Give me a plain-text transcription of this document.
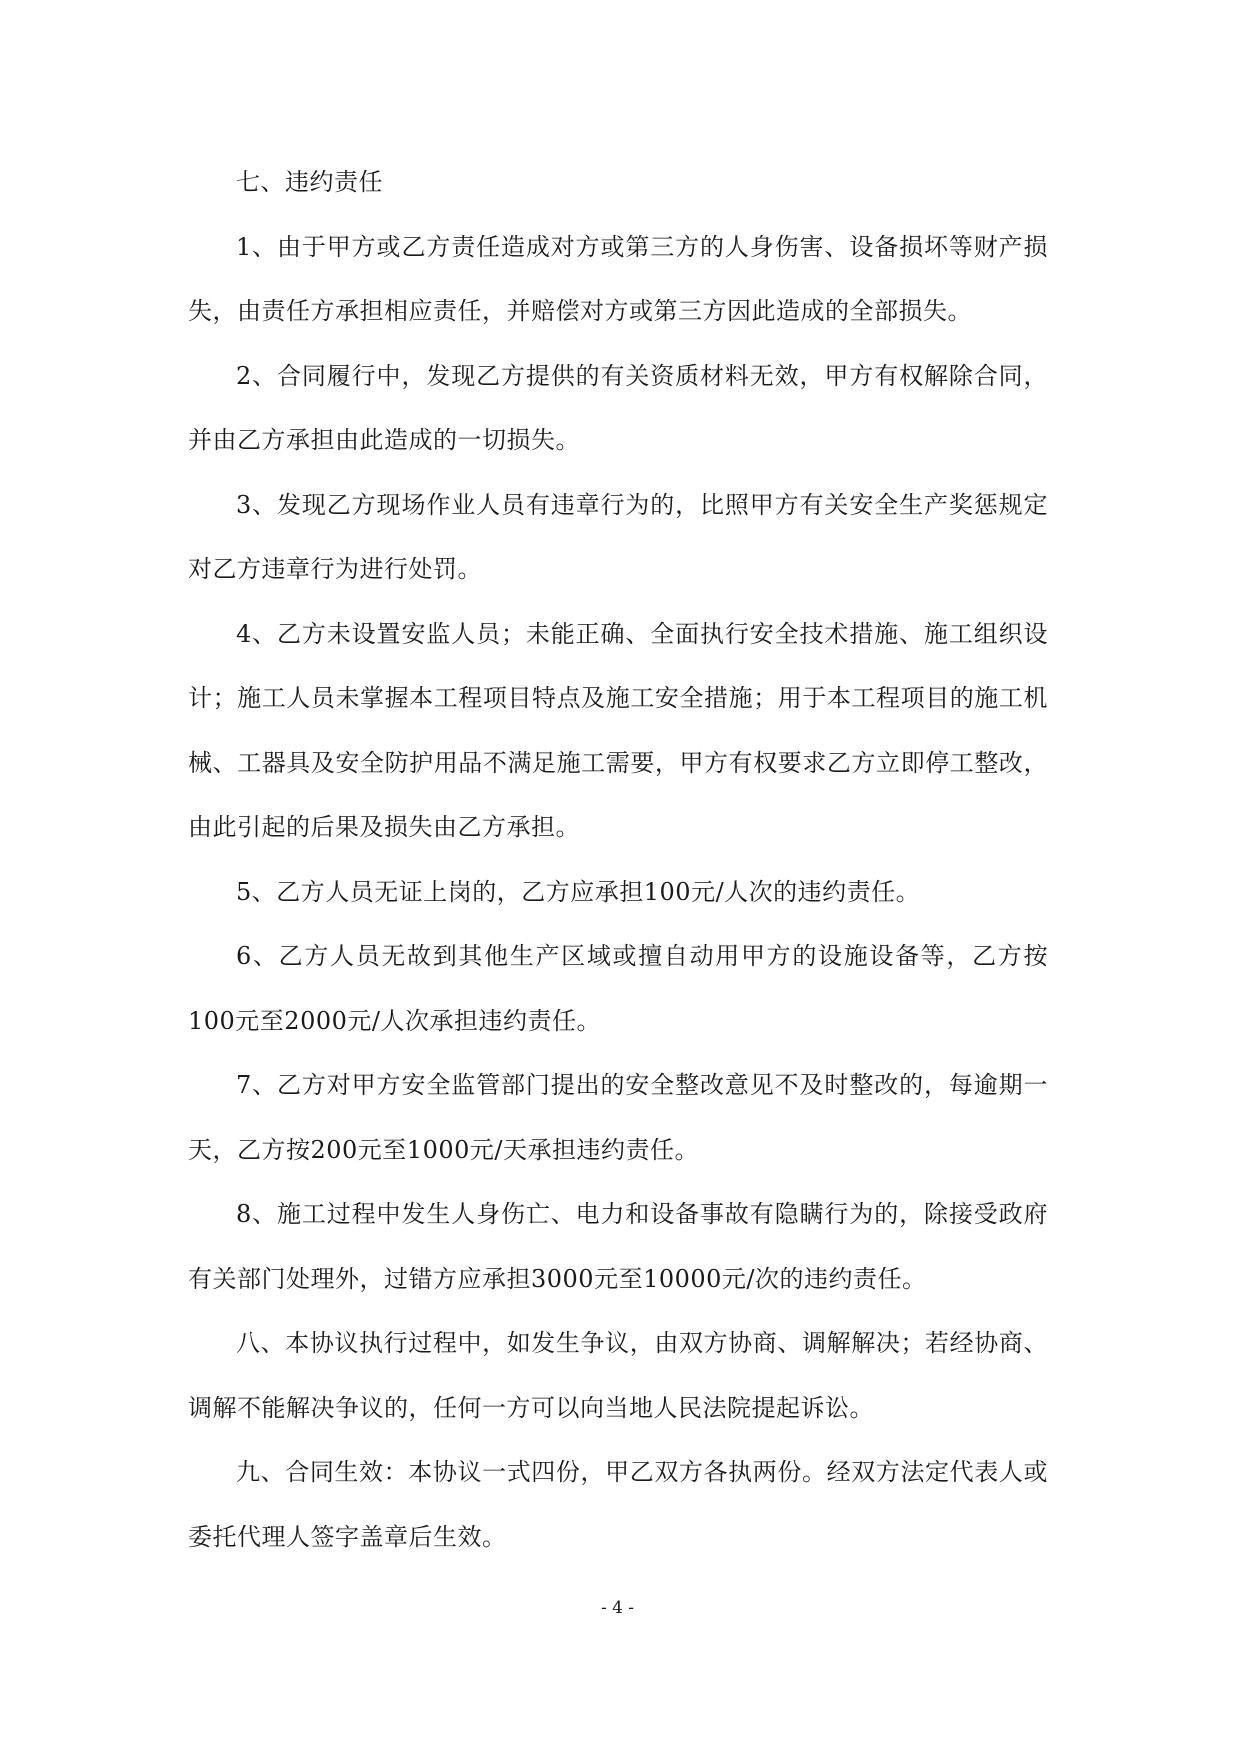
七、违约责任

1、由于甲方或乙方责任造成对方或第三方的人身伤害、设备损坏等财产损失，由责任方承担相应责任，并赔偿对方或第三方因此造成的全部损失。

2、合同履行中，发现乙方提供的有关资质材料无效，甲方有权解除合同，并由乙方承担由此造成的一切损失。

3、发现乙方现场作业人员有违章行为的，比照甲方有关安全生产奖惩规定对乙方违章行为进行处罚。

4、乙方未设置安监人员；未能正确、全面执行安全技术措施、施工组织设计；施工人员未掌握本工程项目特点及施工安全措施；用于本工程项目的施工机械、工器具及安全防护用品不满足施工需要，甲方有权要求乙方立即停工整改，由此引起的后果及损失由乙方承担。

5、乙方人员无证上岗的，乙方应承担100元/人次的违约责任。

6、乙方人员无故到其他生产区域或擅自动用甲方的设施设备等，乙方按100元至2000元/人次承担违约责任。

7、乙方对甲方安全监管部门提出的安全整改意见不及时整改的，每逾期一天，乙方按200元至1000元/天承担违约责任。

8、施工过程中发生人身伤亡、电力和设备事故有隐瞒行为的，除接受政府有关部门处理外，过错方应承担3000元至10000元/次的违约责任。

八、本协议执行过程中，如发生争议，由双方协商、调解解决；若经协商、调解不能解决争议的，任何一方可以向当地人民法院提起诉讼。

九、合同生效：本协议一式四份，甲乙双方各执两份。经双方法定代表人或委托代理人签字盖章后生效。

- 4 -
